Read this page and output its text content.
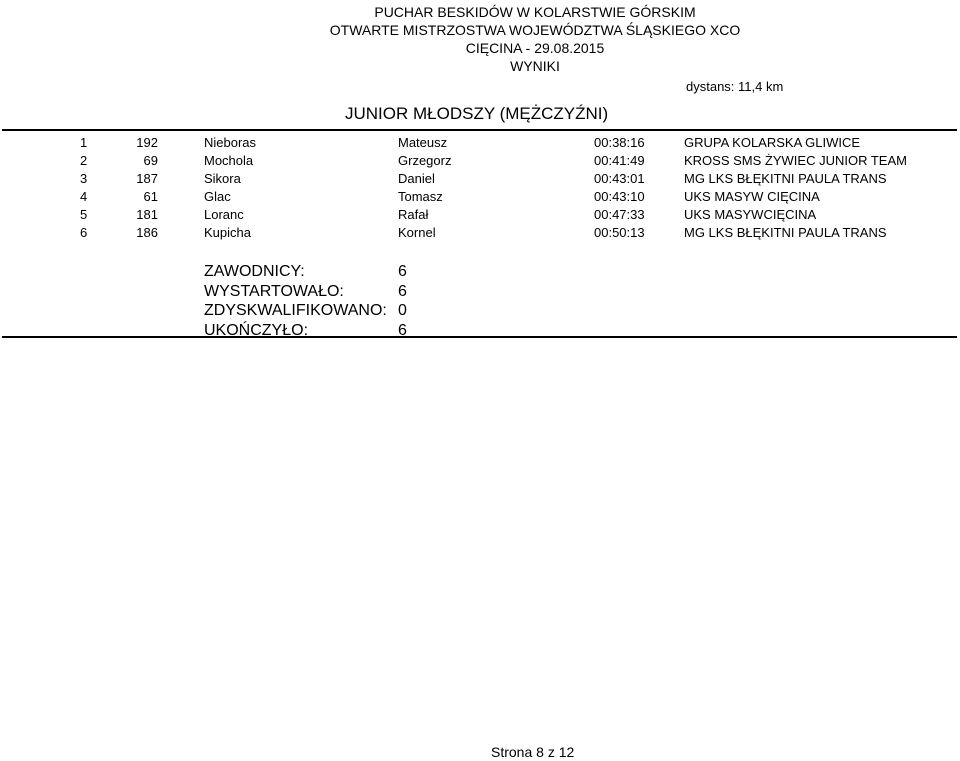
PUCHAR BESKIDÓW W KOLARSTWIE GÓRSKIM
OTWARTE MISTRZOSTWA WOJEWÓDZTWA ŚLĄSKIEGO XCO
CIĘCINA - 29.08.2015
WYNIKI
dystans: 11,4 km
JUNIOR MŁODSZY (MĘŻCZYŹNI)
1	192	Nieboras	Mateusz	00:38:16	GRUPA KOLARSKA GLIWICE
2	69	Mochola	Grzegorz	00:41:49	KROSS SMS ŻYWIEC JUNIOR TEAM
3	187	Sikora	Daniel	00:43:01	MG LKS BŁĘKITNI PAULA TRANS
4	61	Glac	Tomasz	00:43:10	UKS MASYW CIĘCINA
5	181	Loranc	Rafał	00:47:33	UKS MASYWCIĘCINA
6	186	Kupicha	Kornel	00:50:13	MG LKS BŁĘKITNI PAULA TRANS
ZAWODNICY:	6
WYSTARTOWAŁO:	6
ZDYSKWALIFIKOWANO: 0
UKOŃCZYŁO:	6
Strona 8 z 12
